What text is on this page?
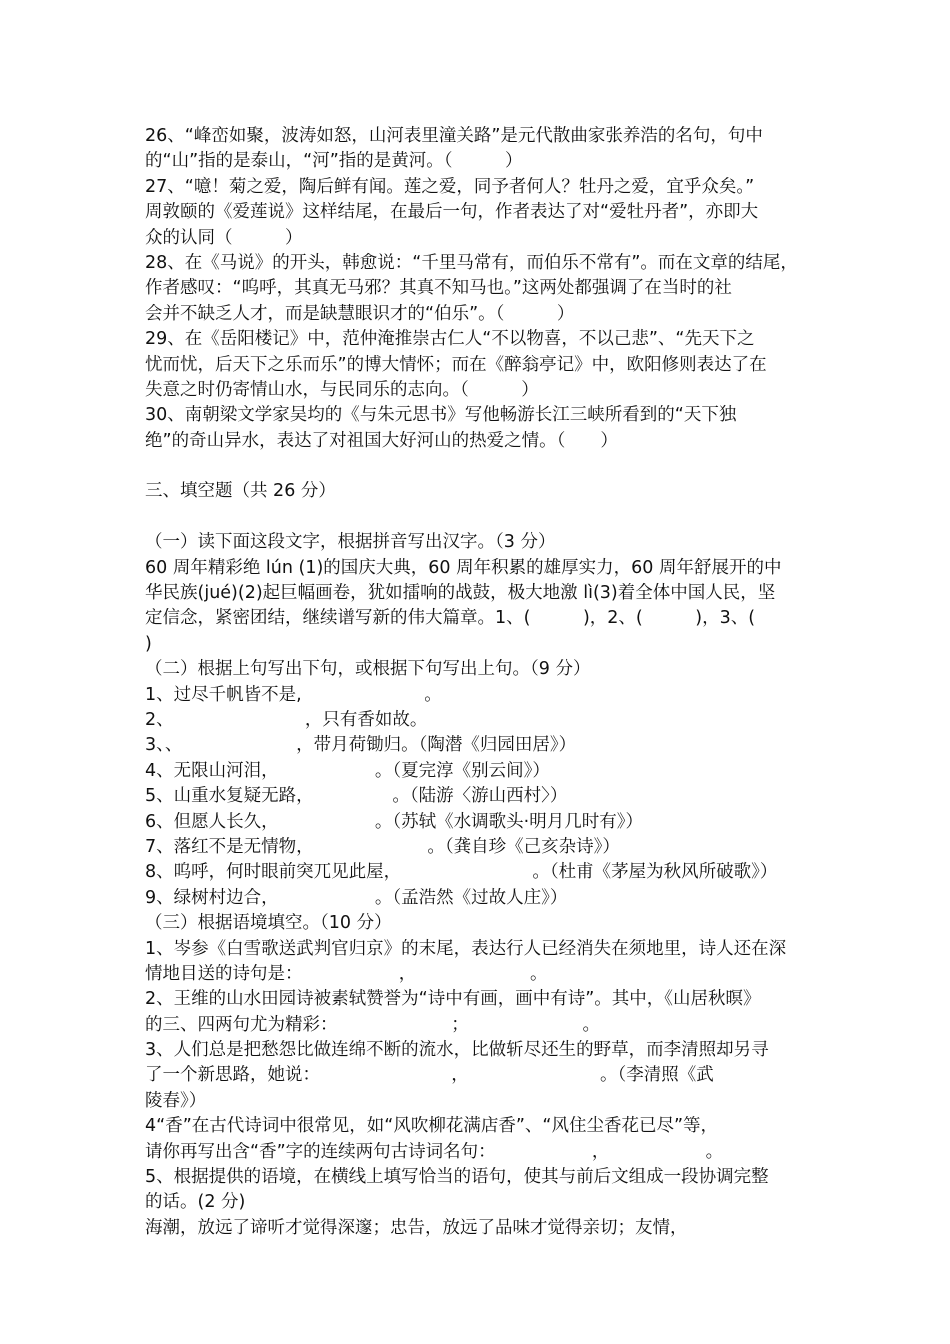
26、“峰峦如聚，波涛如怒，山河表里潼关路”是元代散曲家张养浩的名句，句中
的“山”指的是泰山，“河”指的是黄河。（　　　）
27、“噫！菊之爱，陶后鲜有闻。莲之爱，同予者何人？牡丹之爱，宜乎众矣。”
周敦颐的《爱莲说》这样结尾，在最后一句，作者表达了对“爱牡丹者”，亦即大
众的认同（　　　）
28、在《马说》的开头，韩愈说：“千里马常有，而伯乐不常有”。而在文章的结尾，
作者感叹：“呜呼，其真无马邪？其真不知马也。”这两处都强调了在当时的社
会并不缺乏人才，而是缺慧眼识才的“伯乐”。（　　　）
29、在《岳阳楼记》中，范仲淹推崇古仁人“不以物喜，不以己悲”、“先天下之
忧而忧，后天下之乐而乐”的博大情怀；而在《醉翁亭记》中，欧阳修则表达了在
失意之时仍寄情山水，与民同乐的志向。（　　　）
30、南朝梁文学家吴均的《与朱元思书》写他畅游长江三峡所看到的“天下独
绝”的奇山异水，表达了对祖国大好河山的热爱之情。（　　）
三、填空题（共 26 分）
（一）读下面这段文字，根据拼音写出汉字。（3 分）
60 周年精彩绝 lún (1)的国庆大典，60 周年积累的雄厚实力，60 周年舒展开的中
华民族(jué)(2)起巨幅画卷，犹如擂响的战鼓，极大地激 lì(3)着全体中国人民，坚
定信念，紧密团结，继续谱写新的伟大篇章。1、(　　　)，2、(　　　)，3、(
)
（二）根据上句写出下句，或根据下句写出上句。（9 分）
1、过尽千帆皆不是,　　　　　　　。
2、　　　　　　　　，只有香如故。
3、、　　　　　　　，带月荷锄归。（陶潜《归园田居》）
4、无限山河泪，　　　　　　。（夏完淳《别云间》）
5、山重水复疑无路，　　　　　。（陆游〈游山西村〉）
6、但愿人长久，　　　　　　。（苏轼《水调歌头·明月几时有》）
7、落红不是无情物，　　　　　　　。（龚自珍《己亥杂诗》）
8、呜呼，何时眼前突兀见此屋，　　　　　　　　。（杜甫《茅屋为秋风所破歌》）
9、绿树村边合，　　　　　　。（孟浩然《过故人庄》）
（三）根据语境填空。（10 分）
1、岑参《白雪歌送武判官归京》的末尾，表达行人已经消失在须地里，诗人还在深
情地目送的诗句是：　　　　　　，　　　　　　　。
2、王维的山水田园诗被素轼赞誉为“诗中有画，画中有诗”。其中，《山居秋暝》
的三、四两句尤为精彩：　　　　　　　；　　　　　　　。
3、人们总是把愁怨比做连绵不断的流水，比做斩尽还生的野草，而李清照却另寻
了一个新思路，她说：　　　　　　　　，　　　　　　　　。（李清照《武
陵春》）
4“香”在古代诗词中很常见，如“风吹柳花满店香”、“风住尘香花已尽”等，
请你再写出含“香”字的连续两句古诗词名句：　　　　　　，　　　　　　。
5、根据提供的语境，在横线上填写恰当的语句，使其与前后文组成一段协调完整
的话。(2 分)
海潮，放远了谛听才觉得深邃；忠告，放远了品味才觉得亲切；友情，
